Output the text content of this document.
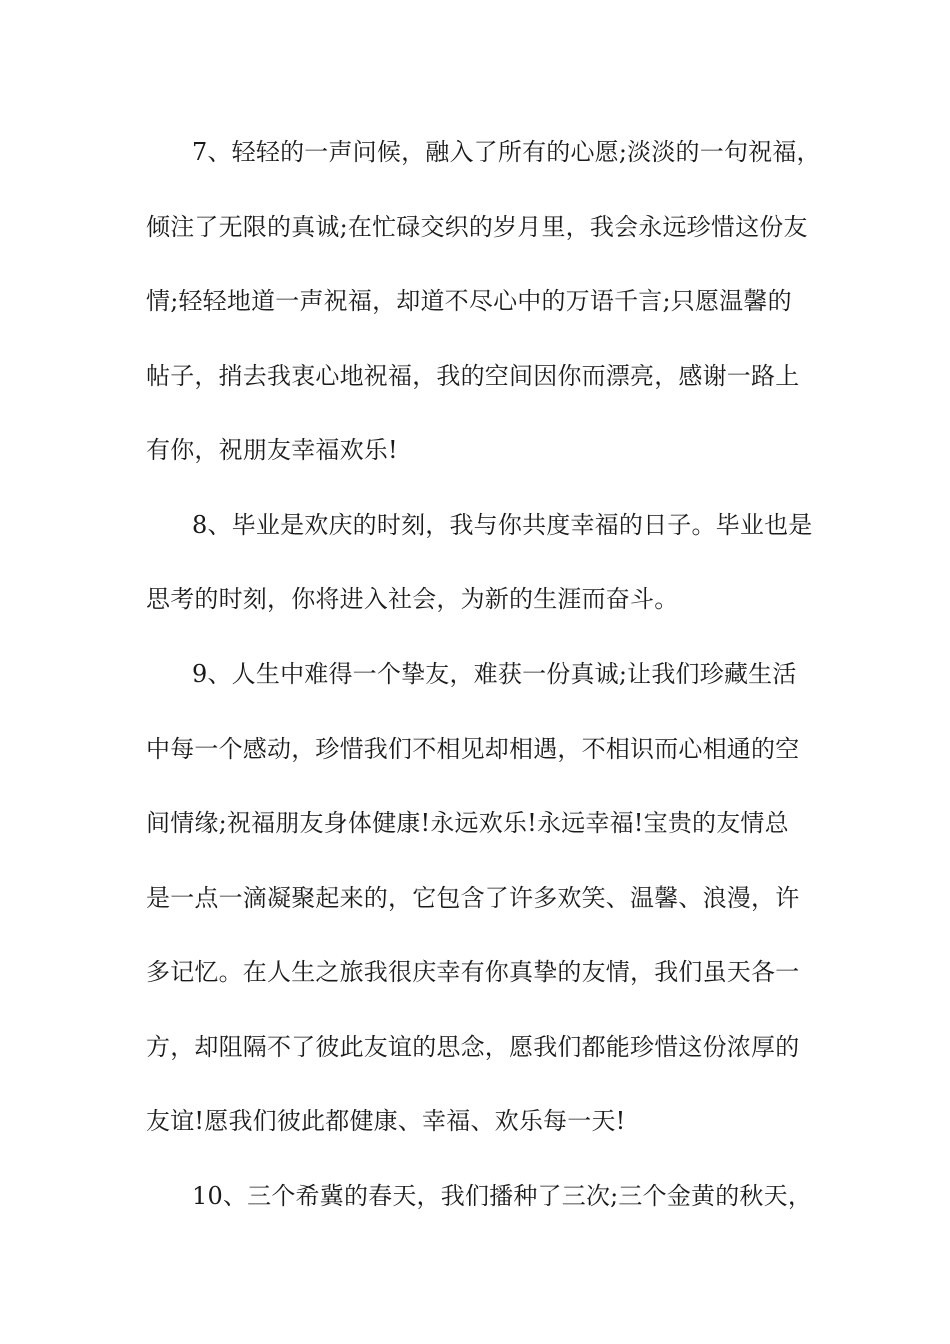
7、轻轻的一声问候，融入了所有的心愿;淡淡的一句祝福，
倾注了无限的真诚;在忙碌交织的岁月里，我会永远珍惜这份友
情;轻轻地道一声祝福，却道不尽心中的万语千言;只愿温馨的
帖子，捎去我衷心地祝福，我的空间因你而漂亮，感谢一路上
有你，祝朋友幸福欢乐!
8、毕业是欢庆的时刻，我与你共度幸福的日子。毕业也是
思考的时刻，你将进入社会，为新的生涯而奋斗。
9、人生中难得一个挚友，难获一份真诚;让我们珍藏生活
中每一个感动，珍惜我们不相见却相遇，不相识而心相通的空
间情缘;祝福朋友身体健康!永远欢乐!永远幸福!宝贵的友情总
是一点一滴凝聚起来的，它包含了许多欢笑、温馨、浪漫，许
多记忆。在人生之旅我很庆幸有你真挚的友情，我们虽天各一
方，却阻隔不了彼此友谊的思念，愿我们都能珍惜这份浓厚的
友谊!愿我们彼此都健康、幸福、欢乐每一天!
10、三个希冀的春天，我们播种了三次;三个金黄的秋天，
